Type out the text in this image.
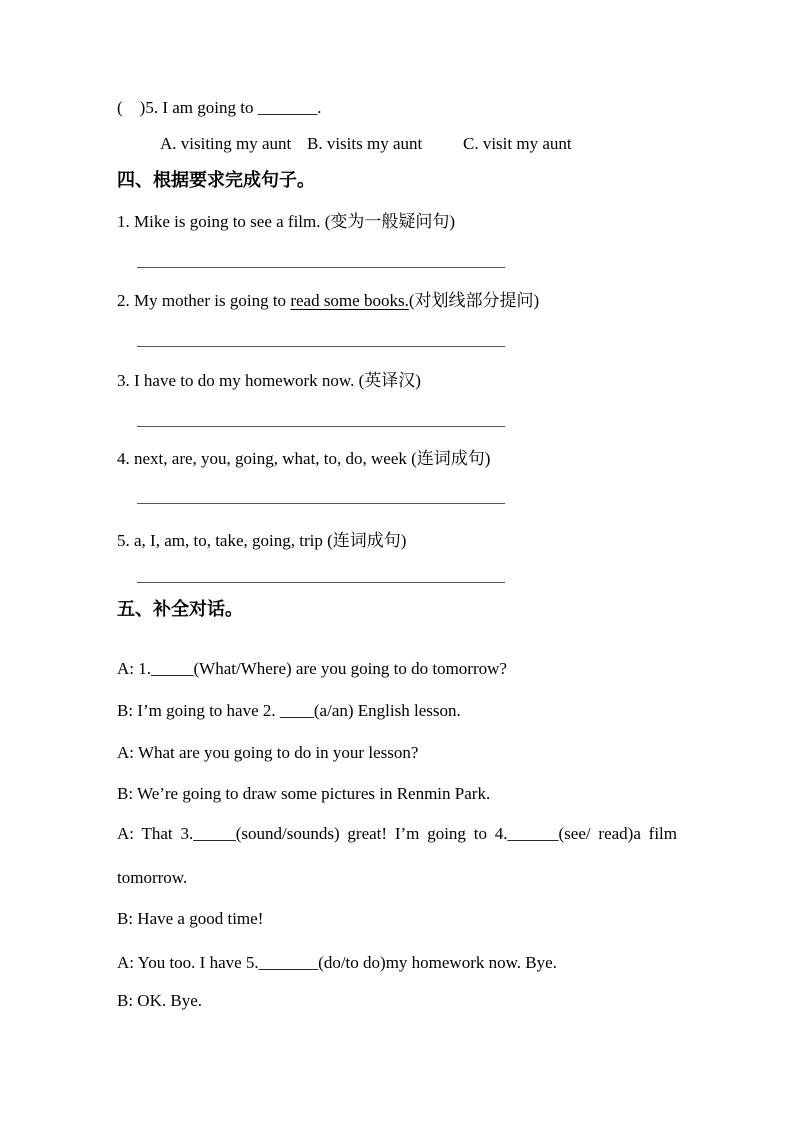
(    )5. I am going to _______.
A. visiting my aunt B. visits my aunt C. visit my aunt
四、根据要求完成句子。
1. Mike is going to see a film. (变为一般疑问句)
2. My mother is going to read some books.(对划线部分提问)
3. I have to do my homework now. (英译汉)
4. next, are, you, going, what, to, do, week (连词成句)
5. a, I, am, to, take, going, trip (连词成句)
五、补全对话。
A: 1._____(What/Where) are you going to do tomorrow?
B: I’m going to have 2. ____(a/an) English lesson.
A: What are you going to do in your lesson?
B: We’re going to draw some pictures in Renmin Park.
A: That 3._____(sound/sounds) great! I’m going to 4.______(see/ read)a film
tomorrow.
B: Have a good time!
A: You too. I have 5._______(do/to do)my homework now. Bye.
B: OK. Bye.
